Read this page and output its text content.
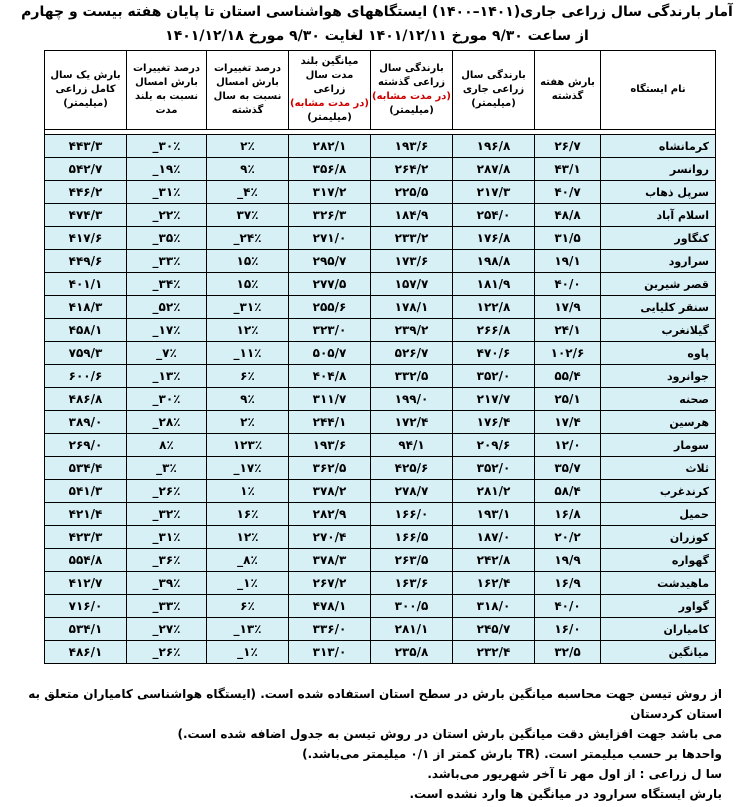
آمار بارندگی سال زراعی جاری(۱۴۰۱–۱۴۰۰) ایستگاههای هواشناسی استان تا پایان هفته بیست و چهارم
از ساعت ۹/۳۰ مورخ ۱۴۰۱/۱۲/۱۱ لغایت ۹/۳۰ مورخ ۱۴۰۱/۱۲/۱۸
نام ایستگاه	بارش هفته گذشته	بارندگی سال زراعی جاری (میلیمتر)	بارندگی سال زراعی گذشته
(در مدت مشابه)
(میلیمتر)	میانگین بلند مدت سال زراعی
(در مدت مشابه)
(میلیمتر)	درصد تغییرات بارش امسال نسبت به سال گذشته	درصد تغییرات بارش امسال نسبت به بلند مدت	بارش یک سال کامل زراعی (میلیمتر)

کرمانشاه	۲۶/۷	۱۹۶/۸	۱۹۳/۶	۲۸۲/۱	۲٪	۳۰٪_	۴۴۳/۳
روانسر	۴۳/۱	۲۸۷/۸	۲۶۴/۲	۳۵۶/۸	۹٪	۱۹٪_	۵۴۲/۷
سرپل ذهاب	۴۰/۷	۲۱۷/۳	۲۲۵/۵	۳۱۷/۲	۴٪_	۳۱٪_	۴۴۶/۲
اسلام آباد	۴۸/۸	۲۵۴/۰	۱۸۴/۹	۳۲۶/۳	۳۷٪	۲۲٪_	۴۷۴/۳
کنگاور	۳۱/۵	۱۷۶/۸	۲۳۳/۲	۲۷۱/۰	۲۴٪_	۳۵٪_	۴۱۷/۶
سرارود	۱۹/۱	۱۹۸/۸	۱۷۳/۶	۲۹۵/۷	۱۵٪	۳۳٪_	۴۴۹/۶
قصر شیرین	۴۰/۰	۱۸۱/۹	۱۵۷/۷	۲۷۷/۵	۱۵٪	۳۴٪_	۴۰۱/۱
سنقر کلیایی	۱۷/۹	۱۲۲/۸	۱۷۸/۱	۲۵۵/۶	۳۱٪_	۵۲٪_	۴۱۸/۳
گیلانغرب	۲۴/۱	۲۶۶/۸	۲۳۹/۲	۳۲۳/۰	۱۲٪	۱۷٪_	۴۵۸/۱
پاوه	۱۰۲/۶	۴۷۰/۶	۵۲۶/۷	۵۰۵/۷	۱۱٪_	۷٪_	۷۵۹/۳
جوانرود	۵۵/۴	۳۵۲/۰	۳۳۲/۵	۴۰۴/۸	۶٪	۱۳٪_	۶۰۰/۶
صحنه	۲۵/۱	۲۱۷/۷	۱۹۹/۰	۳۱۱/۷	۹٪	۳۰٪_	۴۸۶/۸
هرسین	۱۷/۴	۱۷۶/۴	۱۷۲/۴	۲۴۴/۱	۲٪	۲۸٪_	۳۸۹/۰
سومار	۱۲/۰	۲۰۹/۶	۹۴/۱	۱۹۳/۶	۱۲۳٪	۸٪	۲۶۹/۰
ثلاث	۳۵/۷	۳۵۲/۰	۴۲۵/۶	۳۶۲/۵	۱۷٪_	۳٪_	۵۳۴/۴
کرندغرب	۵۸/۴	۲۸۱/۲	۲۷۸/۷	۳۷۸/۲	۱٪	۲۶٪_	۵۴۱/۳
حمیل	۱۶/۸	۱۹۳/۱	۱۶۶/۰	۲۸۲/۹	۱۶٪	۳۲٪_	۴۲۱/۴
کوزران	۲۰/۲	۱۸۷/۰	۱۶۶/۵	۲۷۰/۴	۱۲٪	۳۱٪_	۴۲۳/۳
گهواره	۱۹/۹	۲۴۲/۸	۲۶۳/۵	۳۷۸/۳	۸٪_	۳۶٪_	۵۵۴/۸
ماهیدشت	۱۶/۹	۱۶۲/۴	۱۶۳/۶	۲۶۷/۲	۱٪_	۳۹٪_	۴۱۲/۷
گواور	۴۰/۰	۳۱۸/۰	۳۰۰/۵	۴۷۸/۱	۶٪	۳۳٪_	۷۱۶/۰
کامیاران	۱۶/۰	۲۴۵/۷	۲۸۱/۱	۳۳۶/۰	۱۳٪_	۲۷٪_	۵۳۴/۱
میانگین	۳۲/۵	۲۳۲/۴	۲۳۵/۸	۳۱۳/۰	۱٪_	۲۶٪_	۴۸۶/۱

از روش تیسن جهت محاسبه میانگین بارش در سطح استان استفاده شده است. (ایستگاه هواشناسی کامیاران متعلق به استان کردستان

می باشد جهت افزایش دقت میانگین بارش استان در روش تیسن به جدول اضافه شده است.)

واحدها بر حسب میلیمتر است. (TR بارش کمتر از ۰/۱ میلیمتر می‌باشد.)

سا ل زراعی : از اول مهر تا آخر شهریور می‌باشد.

بارش ایستگاه سرارود در میانگین ها وارد نشده است.
